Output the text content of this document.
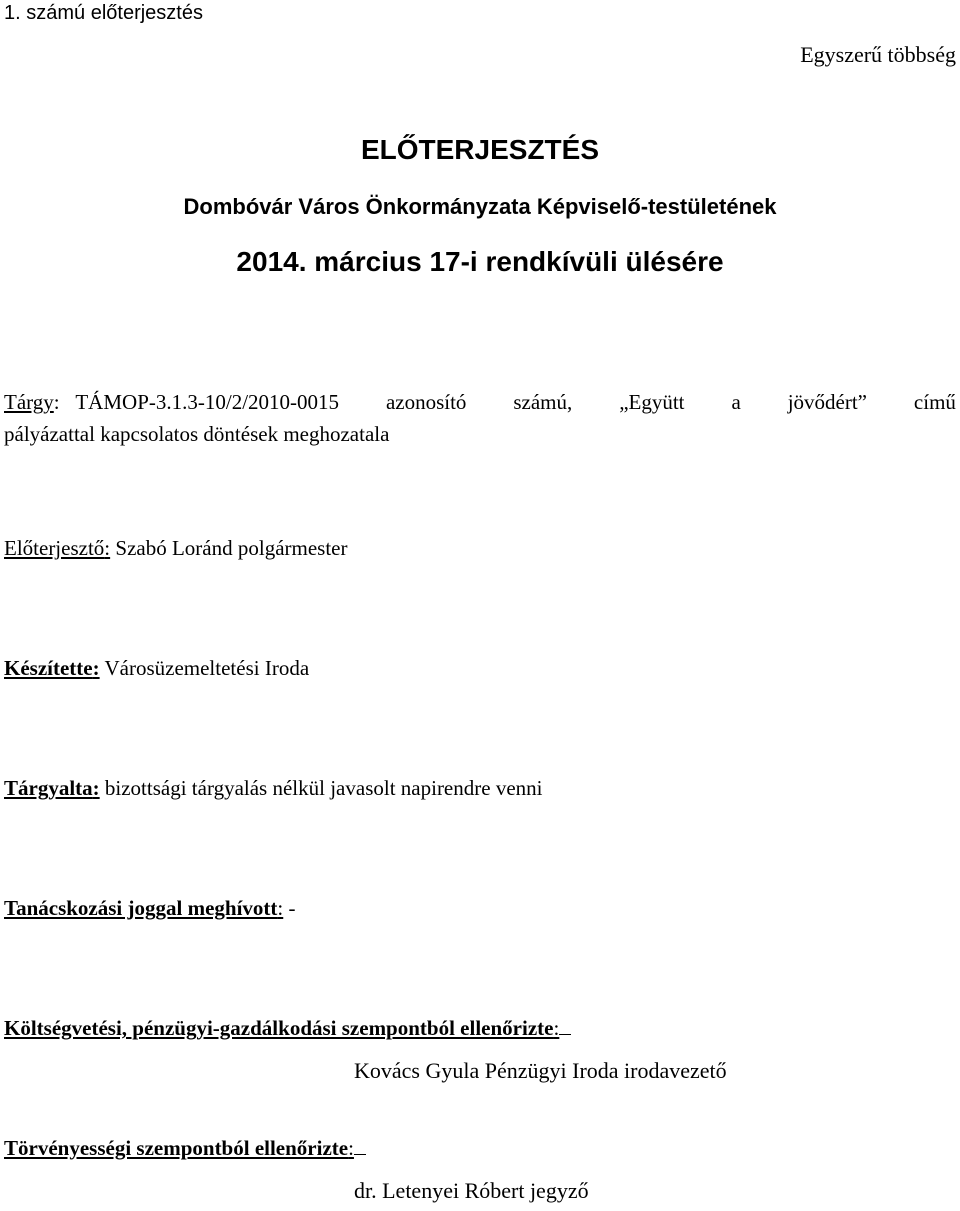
1. számú előterjesztés
Egyszerű többség
ELŐTERJESZTÉS
Dombóvár Város Önkormányzata Képviselő-testületének
2014. március 17-i rendkívüli ülésére
Tárgy:   TÁMOP-3.1.3-10/2/2010-0015 azonosító számú, „Együtt a jövődért” című
pályázattal kapcsolatos döntések meghozatala
Előterjesztő: Szabó Loránd polgármester
Készítette: Városüzemeltetési Iroda
Tárgyalta: bizottsági tárgyalás nélkül javasolt napirendre venni
Tanácskozási joggal meghívott: -
Költségvetési, pénzügyi-gazdálkodási szempontból ellenőrizte:
Kovács Gyula Pénzügyi Iroda irodavezető
Törvényességi szempontból ellenőrizte:
dr. Letenyei Róbert jegyző
